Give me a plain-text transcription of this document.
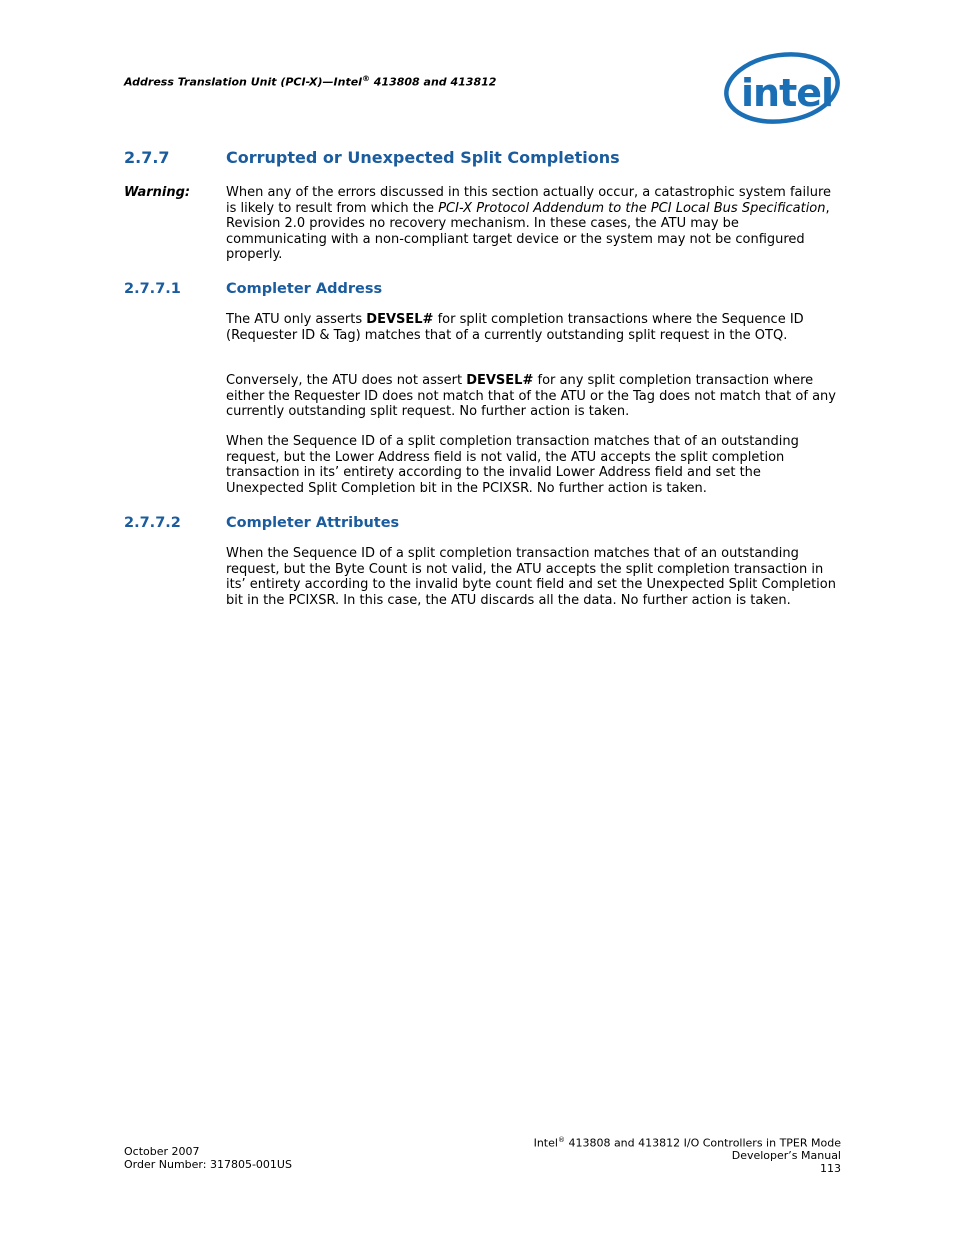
Address Translation Unit (PCI-X)—Intel® 413808 and 413812	intel
2.7.7	Corrupted or Unexpected Split Completions
Warning:	When any of the errors discussed in this section actually occur, a catastrophic system failure is likely to result from which the PCI-X Protocol Addendum to the PCI Local Bus Specification, Revision 2.0 provides no recovery mechanism. In these cases, the ATU may be communicating with a non-compliant target device or the system may not be configured properly.

2.7.7.1	Completer Address

The ATU only asserts DEVSEL# for split completion transactions where the Sequence ID (Requester ID & Tag) matches that of a currently outstanding split request in the OTQ.

Conversely, the ATU does not assert DEVSEL# for any split completion transaction where either the Requester ID does not match that of the ATU or the Tag does not match that of any currently outstanding split request. No further action is taken.

When the Sequence ID of a split completion transaction matches that of an outstanding request, but the Lower Address field is not valid, the ATU accepts the split completion transaction in its’ entirety according to the invalid Lower Address field and set the Unexpected Split Completion bit in the PCIXSR. No further action is taken.

2.7.7.2	Completer Attributes

When the Sequence ID of a split completion transaction matches that of an outstanding request, but the Byte Count is not valid, the ATU accepts the split completion transaction in its’ entirety according to the invalid byte count field and set the Unexpected Split Completion bit in the PCIXSR. In this case, the ATU discards all the data. No further action is taken.

October 2007
Order Number: 317805-001US
Intel® 413808 and 413812 I/O Controllers in TPER Mode
Developer’s Manual
113
